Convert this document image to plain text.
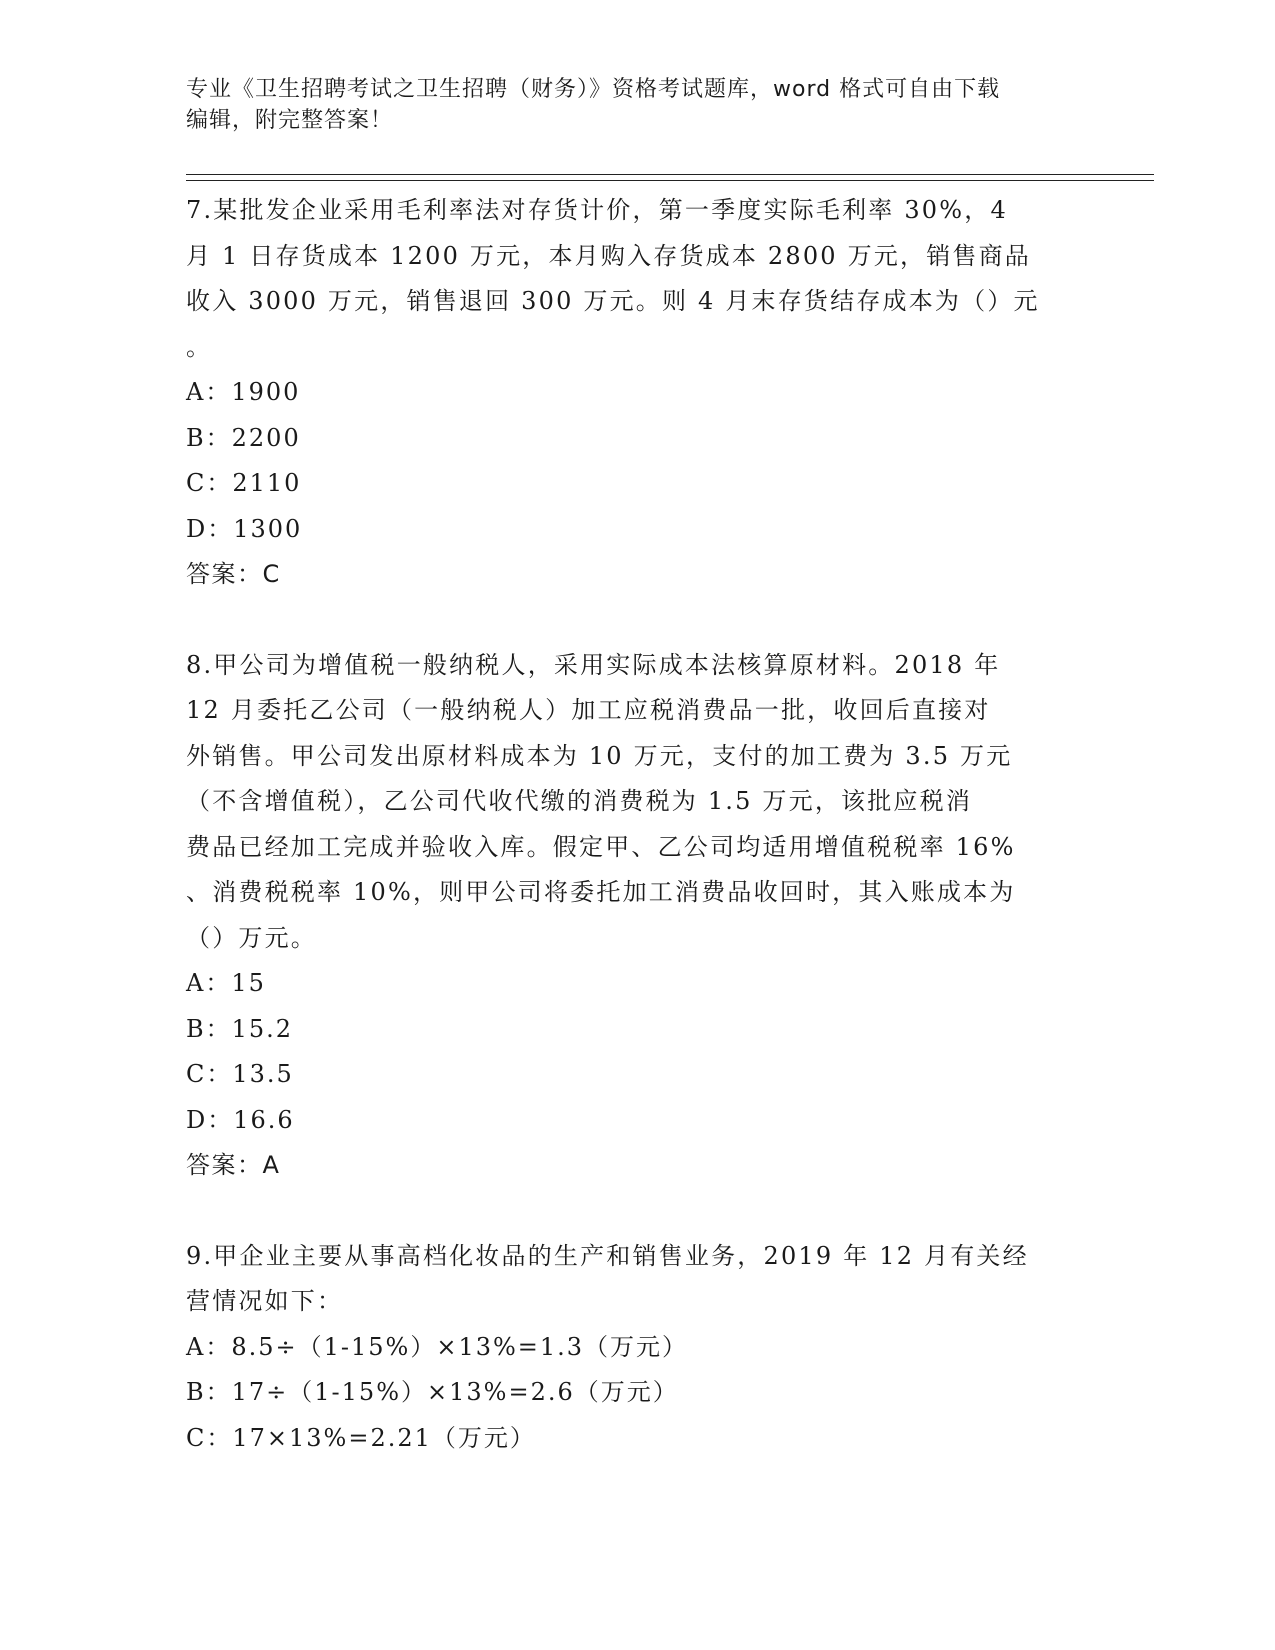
专业《卫生招聘考试之卫生招聘（财务）》资格考试题库，word 格式可自由下载
编辑，附完整答案！
7.某批发企业采用毛利率法对存货计价，第一季度实际毛利率 30%，4
月 1 日存货成本 1200 万元，本月购入存货成本 2800 万元，销售商品
收入 3000 万元，销售退回 300 万元。则 4 月末存货结存成本为（）元
。
A：1900
B：2200
C：2110
D：1300
答案：C
8.甲公司为增值税一般纳税人，采用实际成本法核算原材料。2018 年
12 月委托乙公司（一般纳税人）加工应税消费品一批，收回后直接对
外销售。甲公司发出原材料成本为 10 万元，支付的加工费为 3.5 万元
（不含增值税），乙公司代收代缴的消费税为 1.5 万元，该批应税消
费品已经加工完成并验收入库。假定甲、乙公司均适用增值税税率 16%
、消费税税率 10%，则甲公司将委托加工消费品收回时，其入账成本为
（）万元。
A：15
B：15.2
C：13.5
D：16.6
答案：A
9.甲企业主要从事高档化妆品的生产和销售业务，2019 年 12 月有关经
营情况如下：
A：8.5÷（1-15%）×13%=1.3（万元）
B：17÷（1-15%）×13%=2.6（万元）
C：17×13%=2.21（万元）
